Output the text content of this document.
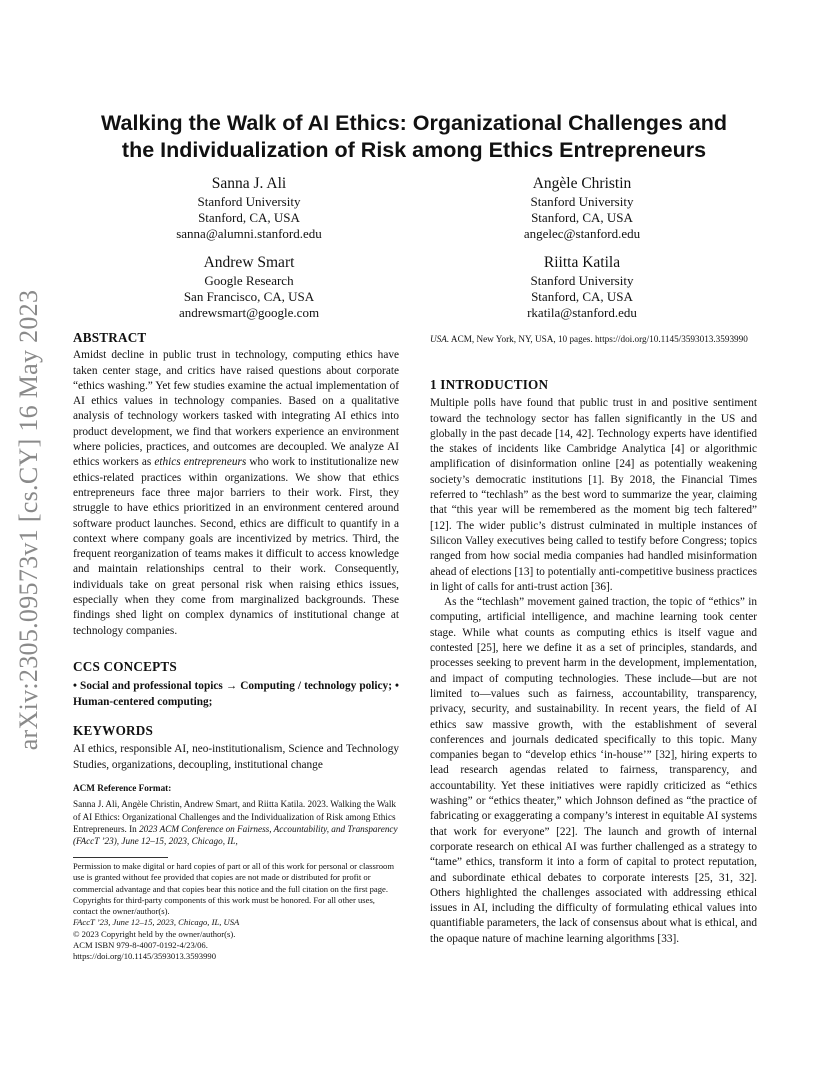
arXiv:2305.09573v1 [cs.CY] 16 May 2023
Walking the Walk of AI Ethics: Organizational Challenges and
the Individualization of Risk among Ethics Entrepreneurs
Sanna J. Ali
Stanford University
Stanford, CA, USA
sanna@alumni.stanford.edu
Angèle Christin
Stanford University
Stanford, CA, USA
angelec@stanford.edu
Andrew Smart
Google Research
San Francisco, CA, USA
andrewsmart@google.com
Riitta Katila
Stanford University
Stanford, CA, USA
rkatila@stanford.edu
ABSTRACT

Amidst decline in public trust in technology, computing ethics have taken center stage, and critics have raised questions about corporate “ethics washing.” Yet few studies examine the actual implementation of AI ethics values in technology companies. Based on a qualitative analysis of technology workers tasked with integrating AI ethics into product development, we find that workers experience an environment where policies, practices, and outcomes are decoupled. We analyze AI ethics workers as ethics entrepreneurs who work to institutionalize new ethics-related practices within organizations. We show that ethics entrepreneurs face three major barriers to their work. First, they struggle to have ethics prioritized in an environment centered around software product launches. Second, ethics are difficult to quantify in a context where company goals are incentivized by metrics. Third, the frequent reorganization of teams makes it difficult to access knowledge and maintain relationships central to their work. Consequently, individuals take on great personal risk when raising ethics issues, especially when they come from marginalized backgrounds. These findings shed light on complex dynamics of institutional change at technology companies.

CCS CONCEPTS

• Social and professional topics → Computing / technology policy; • Human-centered computing;

KEYWORDS

AI ethics, responsible AI, neo-institutionalism, Science and Technology Studies, organizations, decoupling, institutional change

ACM Reference Format:

Sanna J. Ali, Angèle Christin, Andrew Smart, and Riitta Katila. 2023. Walking the Walk of AI Ethics: Organizational Challenges and the Individualization of Risk among Ethics Entrepreneurs. In 2023 ACM Conference on Fairness, Accountability, and Transparency (FAccT ’23), June 12–15, 2023, Chicago, IL,

Permission to make digital or hard copies of part or all of this work for personal or classroom use is granted without fee provided that copies are not made or distributed for profit or commercial advantage and that copies bear this notice and the full citation on the first page. Copyrights for third-party components of this work must be honored. For all other uses, contact the owner/author(s).

FAccT ’23, June 12–15, 2023, Chicago, IL, USA

© 2023 Copyright held by the owner/author(s).

ACM ISBN 979-8-4007-0192-4/23/06.

https://doi.org/10.1145/3593013.3593990

USA. ACM, New York, NY, USA, 10 pages. https://doi.org/10.1145/3593013.3593990

1 INTRODUCTION

Multiple polls have found that public trust in and positive sentiment toward the technology sector has fallen significantly in the US and globally in the past decade [14, 42]. Technology experts have identified the stakes of incidents like Cambridge Analytica [4] or algorithmic amplification of disinformation online [24] as potentially weakening society’s democratic institutions [1]. By 2018, the Financial Times referred to “techlash” as the best word to summarize the year, claiming that “this year will be remembered as the moment big tech faltered” [12]. The wider public’s distrust culminated in multiple instances of Silicon Valley executives being called to testify before Congress; topics ranged from how social media companies had handled misinformation ahead of elections [13] to potentially anti-competitive business practices in light of calls for anti-trust action [36].

As the “techlash” movement gained traction, the topic of “ethics” in computing, artificial intelligence, and machine learning took center stage. While what counts as computing ethics is itself vague and contested [25], here we define it as a set of principles, standards, and processes seeking to prevent harm in the development, implementation, and impact of computing technologies. These include—but are not limited to—values such as fairness, accountability, transparency, privacy, security, and sustainability. In recent years, the field of AI ethics saw massive growth, with the establishment of several conferences and journals dedicated specifically to this topic. Many companies began to “develop ethics ‘in-house’” [32], hiring experts to lead research agendas related to fairness, transparency, and accountability. Yet these initiatives were rapidly criticized as “ethics washing” or “ethics theater,” which Johnson defined as “the practice of fabricating or exaggerating a company’s interest in equitable AI systems that work for everyone” [22]. The launch and growth of internal corporate research on ethical AI was further challenged as a strategy to “tame” ethics, transform it into a form of capital to protect reputation, and subordinate ethical debates to corporate interests [25, 31, 32]. Others highlighted the challenges associated with addressing ethical issues in AI, including the difficulty of formulating ethical values into quantifiable parameters, the lack of consensus about what is ethical, and the opaque nature of machine learning algorithms [33].
